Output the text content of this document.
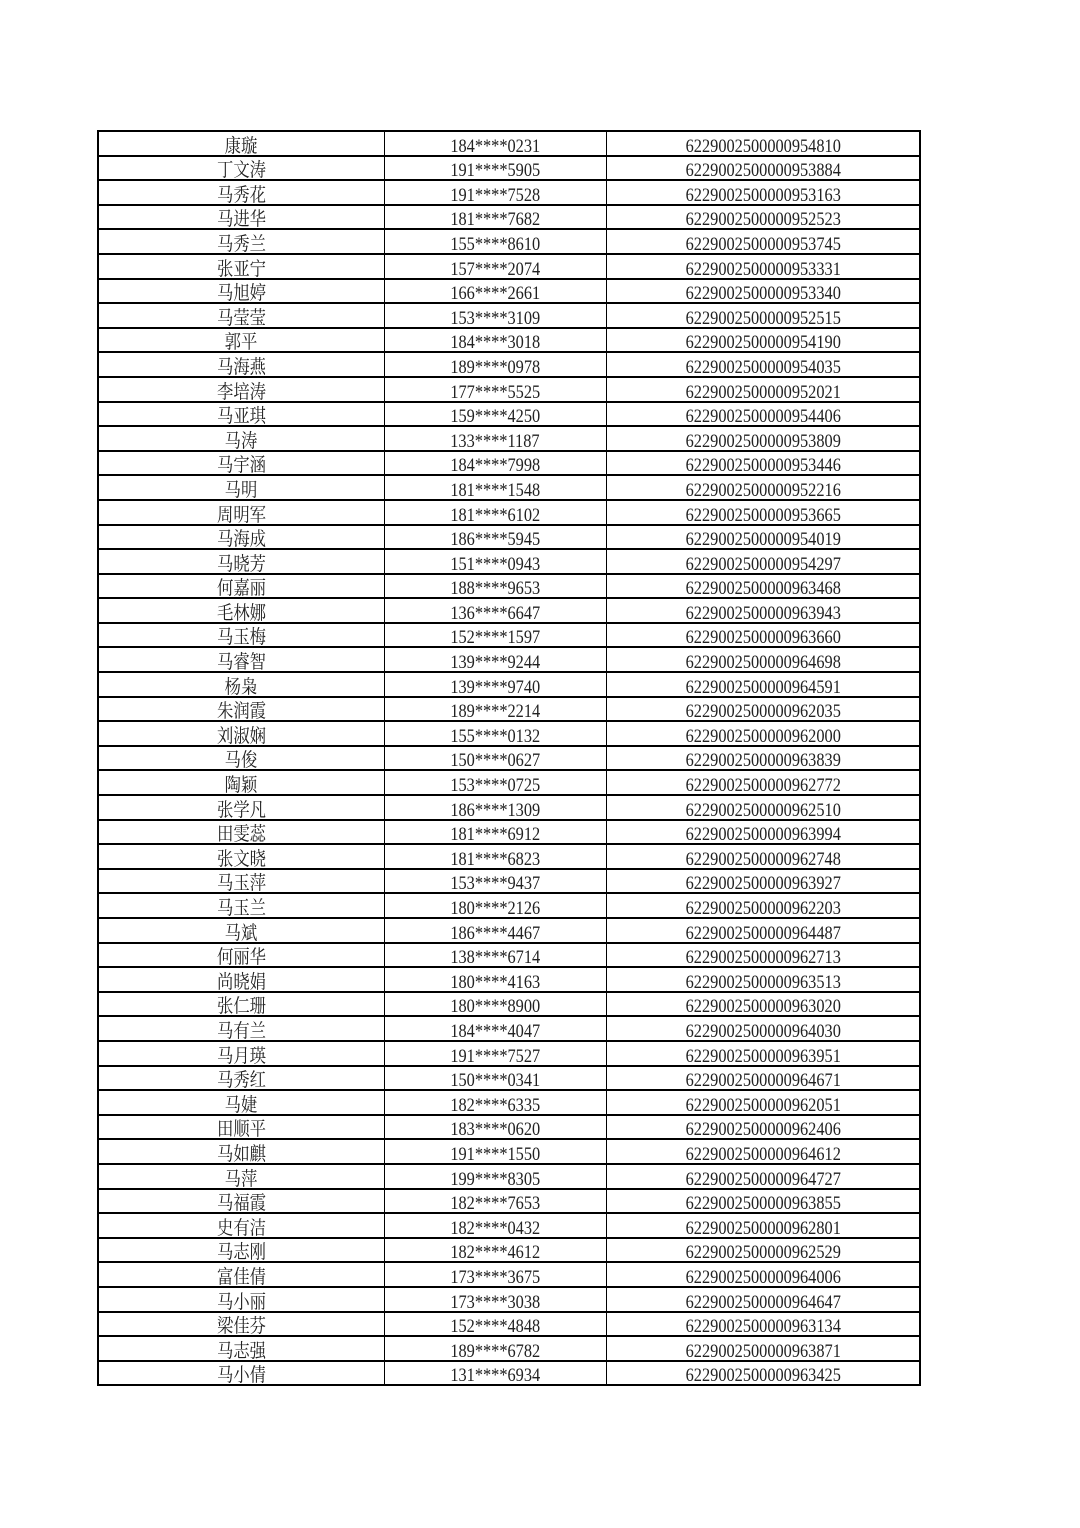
康璇	184****0231	6229002500000954810
丁文涛	191****5905	6229002500000953884
马秀花	191****7528	6229002500000953163
马进华	181****7682	6229002500000952523
马秀兰	155****8610	6229002500000953745
张亚宁	157****2074	6229002500000953331
马旭婷	166****2661	6229002500000953340
马莹莹	153****3109	6229002500000952515
郭平	184****3018	6229002500000954190
马海燕	189****0978	6229002500000954035
李培涛	177****5525	6229002500000952021
马亚琪	159****4250	6229002500000954406
马涛	133****1187	6229002500000953809
马宇涵	184****7998	6229002500000953446
马明	181****1548	6229002500000952216
周明军	181****6102	6229002500000953665
马海成	186****5945	6229002500000954019
马晓芳	151****0943	6229002500000954297
何嘉丽	188****9653	6229002500000963468
毛林娜	136****6647	6229002500000963943
马玉梅	152****1597	6229002500000963660
马睿智	139****9244	6229002500000964698
杨枭	139****9740	6229002500000964591
朱润霞	189****2214	6229002500000962035
刘淑娴	155****0132	6229002500000962000
马俊	150****0627	6229002500000963839
陶颖	153****0725	6229002500000962772
张学凡	186****1309	6229002500000962510
田雯蕊	181****6912	6229002500000963994
张文晓	181****6823	6229002500000962748
马玉萍	153****9437	6229002500000963927
马玉兰	180****2126	6229002500000962203
马斌	186****4467	6229002500000964487
何丽华	138****6714	6229002500000962713
尚晓娟	180****4163	6229002500000963513
张仁珊	180****8900	6229002500000963020
马有兰	184****4047	6229002500000964030
马月瑛	191****7527	6229002500000963951
马秀红	150****0341	6229002500000964671
马婕	182****6335	6229002500000962051
田顺平	183****0620	6229002500000962406
马如麒	191****1550	6229002500000964612
马萍	199****8305	6229002500000964727
马福霞	182****7653	6229002500000963855
史有洁	182****0432	6229002500000962801
马志刚	182****4612	6229002500000962529
富佳倩	173****3675	6229002500000964006
马小丽	173****3038	6229002500000964647
梁佳芬	152****4848	6229002500000963134
马志强	189****6782	6229002500000963871
马小倩	131****6934	6229002500000963425
